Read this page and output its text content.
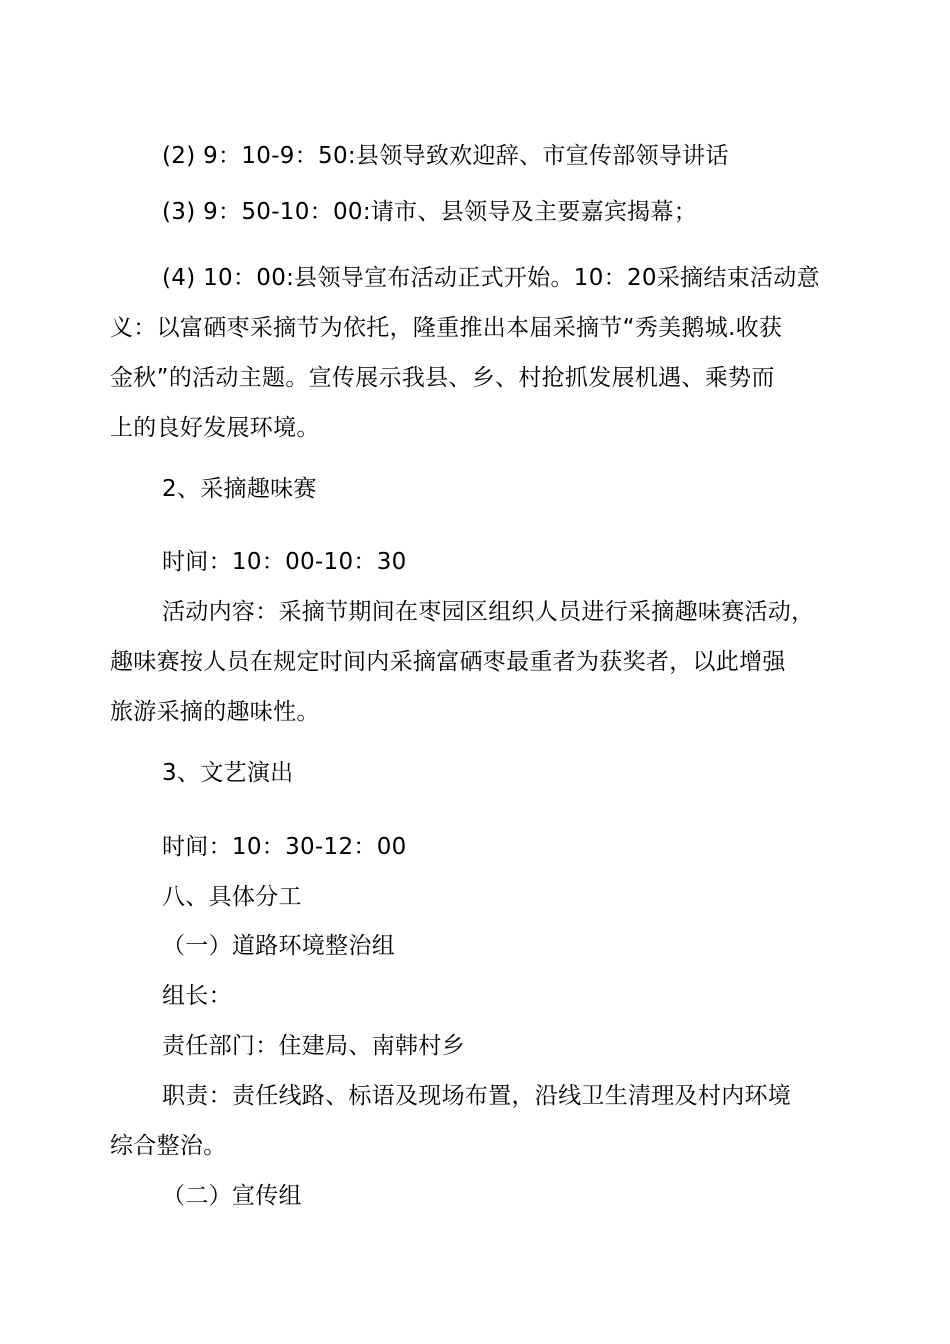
(2) 9：10-9：50:县领导致欢迎辞、市宣传部领导讲话

(3) 9：50-10：00:请市、县领导及主要嘉宾揭幕；

(4) 10：00:县领导宣布活动正式开始。10：20采摘结束活动意

义：以富硒枣采摘节为依托，隆重推出本届采摘节“秀美鹅城.收获

金秋”的活动主题。宣传展示我县、乡、村抢抓发展机遇、乘势而

上的良好发展环境。

2、采摘趣味赛

时间：10：00-10：30

活动内容：采摘节期间在枣园区组织人员进行采摘趣味赛活动，

趣味赛按人员在规定时间内采摘富硒枣最重者为获奖者，以此增强

旅游采摘的趣味性。

3、文艺演出

时间：10：30-12：00

八、具体分工

（一）道路环境整治组

组长：

责任部门：住建局、南韩村乡

职责：责任线路、标语及现场布置，沿线卫生清理及村内环境

综合整治。

（二）宣传组
